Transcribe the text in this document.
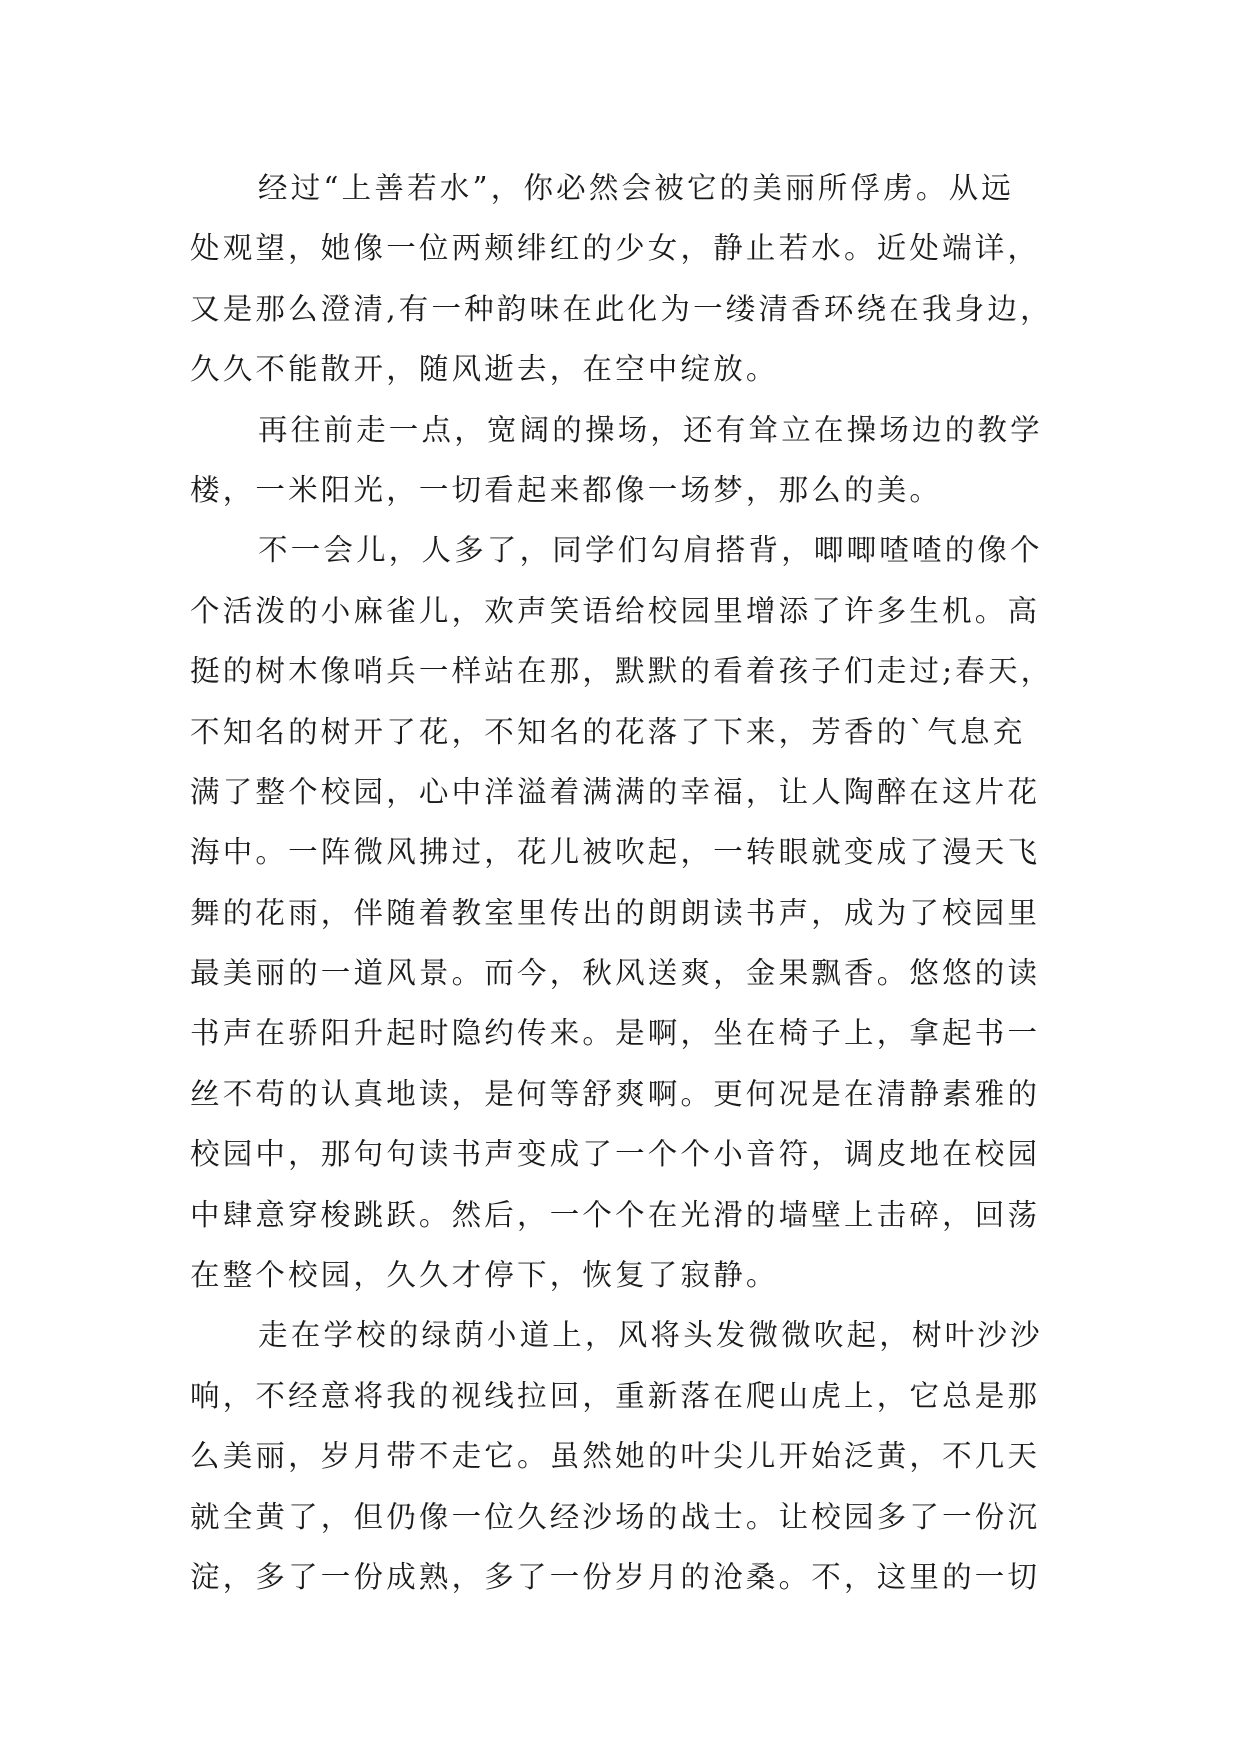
经过“上善若水”，你必然会被它的美丽所俘虏。从远
处观望，她像一位两颊绯红的少女，静止若水。近处端详，
又是那么澄清,有一种韵味在此化为一缕清香环绕在我身边，
久久不能散开，随风逝去，在空中绽放。
再往前走一点，宽阔的操场，还有耸立在操场边的教学
楼，一米阳光，一切看起来都像一场梦，那么的美。
不一会儿，人多了，同学们勾肩搭背，唧唧喳喳的像个
个活泼的小麻雀儿，欢声笑语给校园里增添了许多生机。高
挺的树木像哨兵一样站在那，默默的看着孩子们走过;春天，
不知名的树开了花，不知名的花落了下来，芳香的`气息充
满了整个校园，心中洋溢着满满的幸福，让人陶醉在这片花
海中。一阵微风拂过，花儿被吹起，一转眼就变成了漫天飞
舞的花雨，伴随着教室里传出的朗朗读书声，成为了校园里
最美丽的一道风景。而今，秋风送爽，金果飘香。悠悠的读
书声在骄阳升起时隐约传来。是啊，坐在椅子上，拿起书一
丝不苟的认真地读，是何等舒爽啊。更何况是在清静素雅的
校园中，那句句读书声变成了一个个小音符，调皮地在校园
中肆意穿梭跳跃。然后，一个个在光滑的墙壁上击碎，回荡
在整个校园，久久才停下，恢复了寂静。
走在学校的绿荫小道上，风将头发微微吹起，树叶沙沙
响，不经意将我的视线拉回，重新落在爬山虎上，它总是那
么美丽，岁月带不走它。虽然她的叶尖儿开始泛黄，不几天
就全黄了，但仍像一位久经沙场的战士。让校园多了一份沉
淀，多了一份成熟，多了一份岁月的沧桑。不，这里的一切
